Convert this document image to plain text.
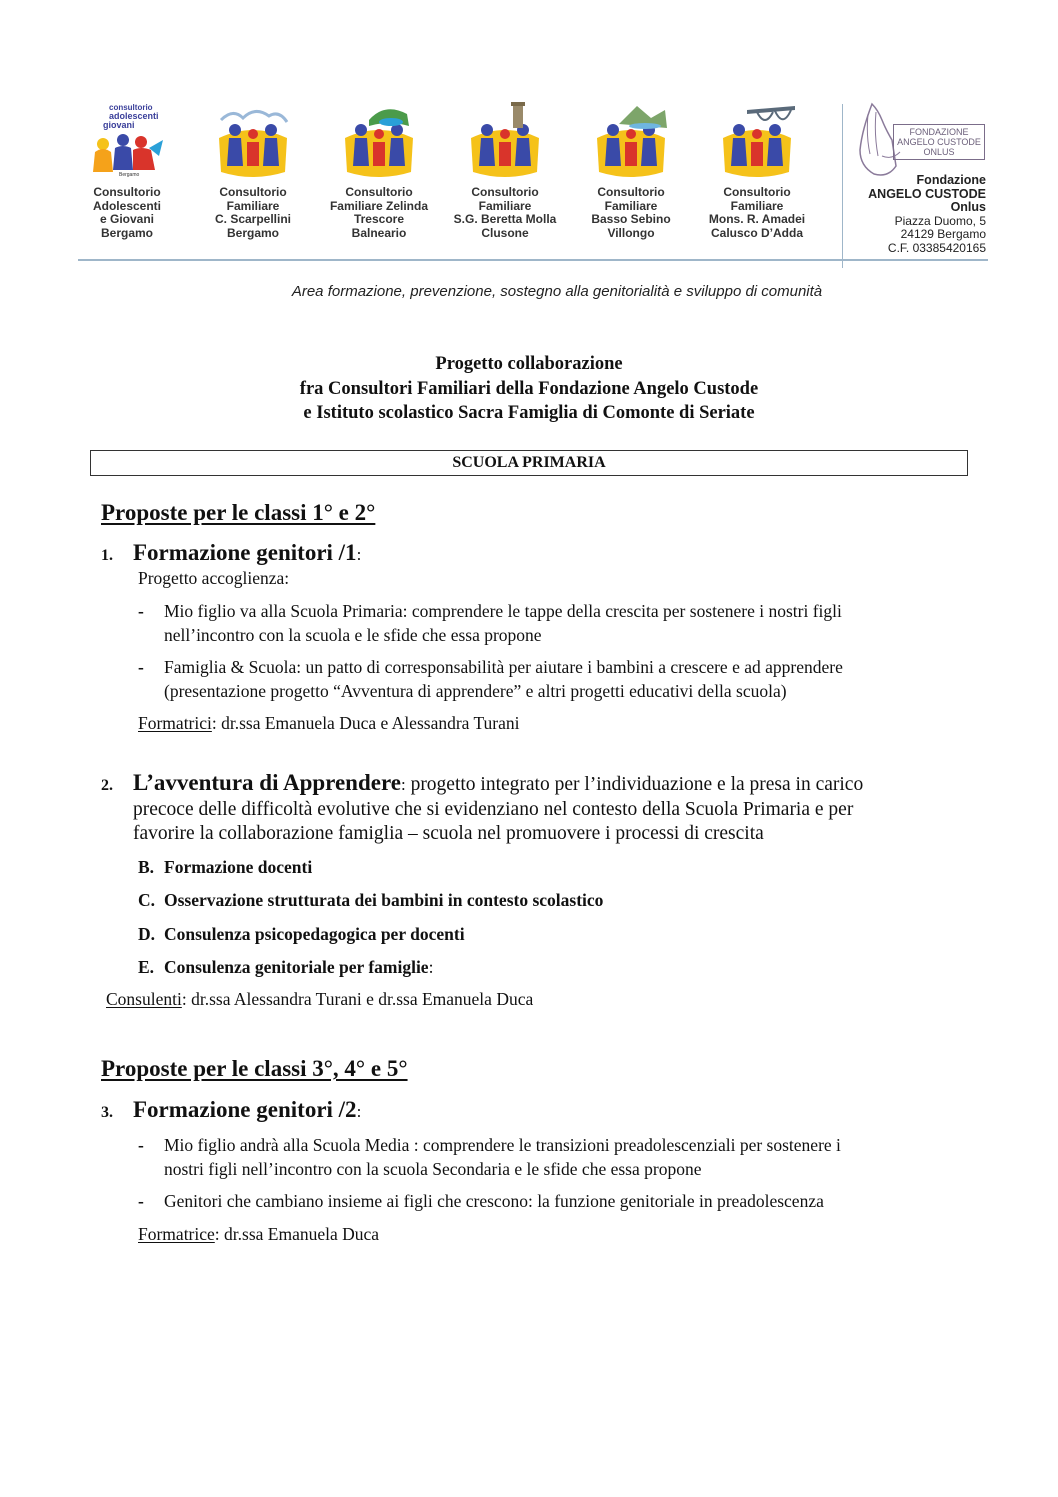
consultorio
adolescenti
giovani
Bergamo
Consultorio
Adolescenti
e Giovani
Bergamo
Consultorio
Familiare
C. Scarpellini
Bergamo
Consultorio
Familiare Zelinda
Trescore
Balneario
Consultorio
Familiare
S.G. Beretta Molla
Clusone
Consultorio
Familiare
Basso Sebino
Villongo
Consultorio
Familiare
Mons. R. Amadei
Calusco D’Adda
FONDAZIONE
ANGELO CUSTODE
ONLUS
Fondazione
ANGELO CUSTODE
Onlus
Piazza Duomo, 5
24129 Bergamo
C.F. 03385420165
Area formazione, prevenzione, sostegno alla genitorialità e sviluppo di comunità
Progetto collaborazione
fra Consultori Familiari della Fondazione Angelo Custode
e Istituto scolastico Sacra Famiglia di Comonte di Seriate
SCUOLA PRIMARIA
Proposte per le classi 1° e 2°
1. Formazione genitori /1:
Progetto accoglienza:
- Mio figlio va alla Scuola Primaria: comprendere le tappe della crescita per sostenere i nostri figli
nell’incontro con la scuola e le sfide che essa propone
- Famiglia & Scuola: un patto di corresponsabilità per aiutare i bambini a crescere e ad apprendere
(presentazione progetto “Avventura di apprendere” e altri progetti educativi della scuola)
Formatrici: dr.ssa Emanuela Duca e Alessandra Turani
2. L’avventura di Apprendere: progetto integrato per l’individuazione e la presa in carico
precoce delle difficoltà evolutive che si evidenziano nel contesto della Scuola Primaria e per
favorire la collaborazione famiglia – scuola nel promuovere i processi di crescita
B. Formazione docenti
C. Osservazione strutturata dei bambini in contesto scolastico
D. Consulenza psicopedagogica per docenti
E. Consulenza genitoriale per famiglie:
Consulenti: dr.ssa Alessandra Turani e dr.ssa Emanuela Duca
Proposte per le classi 3°, 4° e 5°
3. Formazione genitori /2:
- Mio figlio andrà alla Scuola Media : comprendere le transizioni preadolescenziali per sostenere i
nostri figli nell’incontro con la scuola Secondaria e le sfide che essa propone
- Genitori che cambiano insieme ai figli che crescono: la funzione genitoriale in preadolescenza
Formatrice: dr.ssa Emanuela Duca
